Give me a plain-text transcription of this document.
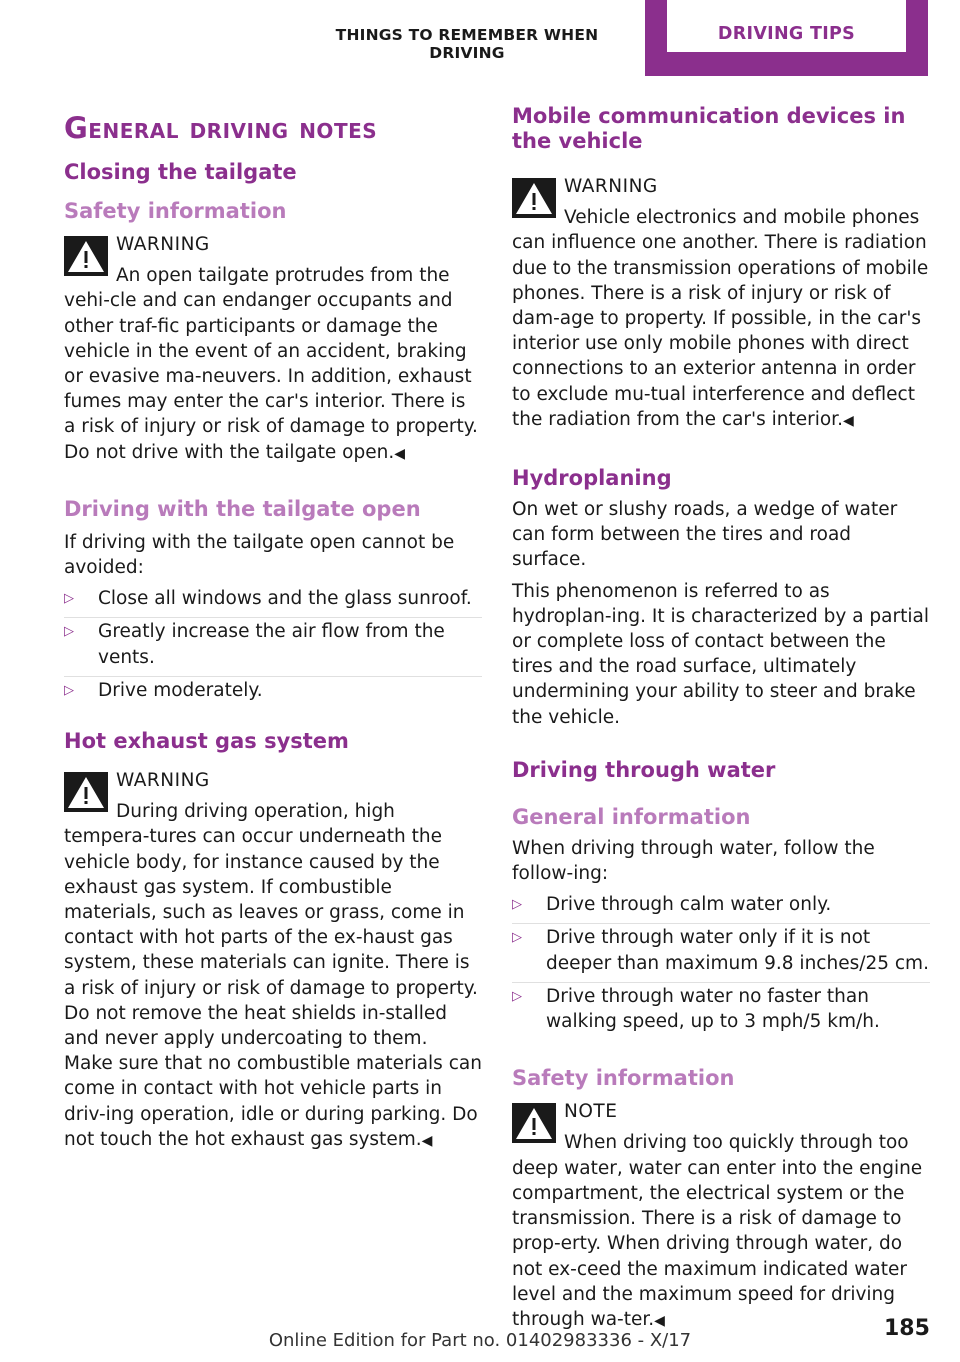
THINGS TO REMEMBER WHEN DRIVING
DRIVING TIPS
General driving notes
Closing the tailgate
Safety information
WARNING
An open tailgate protrudes from the vehi-cle and can endanger occupants and other traf-fic participants or damage the vehicle in the event of an accident, braking or evasive ma-neuvers. In addition, exhaust fumes may enter the car's interior. There is a risk of injury or risk of damage to property. Do not drive with the tailgate open.◀
Driving with the tailgate open

If driving with the tailgate open cannot be avoided:

▷ Close all windows and the glass sunroof.
▷ Greatly increase the air flow from the vents.
▷ Drive moderately.
Hot exhaust gas system
WARNING
During driving operation, high tempera-tures can occur underneath the vehicle body, for instance caused by the exhaust gas system. If combustible materials, such as leaves or grass, come in contact with hot parts of the ex-haust gas system, these materials can ignite. There is a risk of injury or risk of damage to property. Do not remove the heat shields in-stalled and never apply undercoating to them. Make sure that no combustible materials can come in contact with hot vehicle parts in driv-ing operation, idle or during parking. Do not touch the hot exhaust gas system.◀
Mobile communication devices in the vehicle
WARNING
Vehicle electronics and mobile phones can influence one another. There is radiation due to the transmission operations of mobile phones. There is a risk of injury or risk of dam-age to property. If possible, in the car's interior use only mobile phones with direct connections to an exterior antenna in order to exclude mu-tual interference and deflect the radiation from the car's interior.◀
Hydroplaning

On wet or slushy roads, a wedge of water can form between the tires and road surface.

This phenomenon is referred to as hydroplan-ing. It is characterized by a partial or complete loss of contact between the tires and the road surface, ultimately undermining your ability to steer and brake the vehicle.

Driving through water
General information

When driving through water, follow the follow-ing:

▷ Drive through calm water only.
▷ Drive through water only if it is not deeper than maximum 9.8 inches/25 cm.
▷ Drive through water no faster than walking speed, up to 3 mph/5 km/h.
Safety information
NOTE
When driving too quickly through too deep water, water can enter into the engine compartment, the electrical system or the transmission. There is a risk of damage to prop-erty. When driving through water, do not ex-ceed the maximum indicated water level and the maximum speed for driving through wa-ter.◀
Online Edition for Part no. 01402983336 - X/17	185
